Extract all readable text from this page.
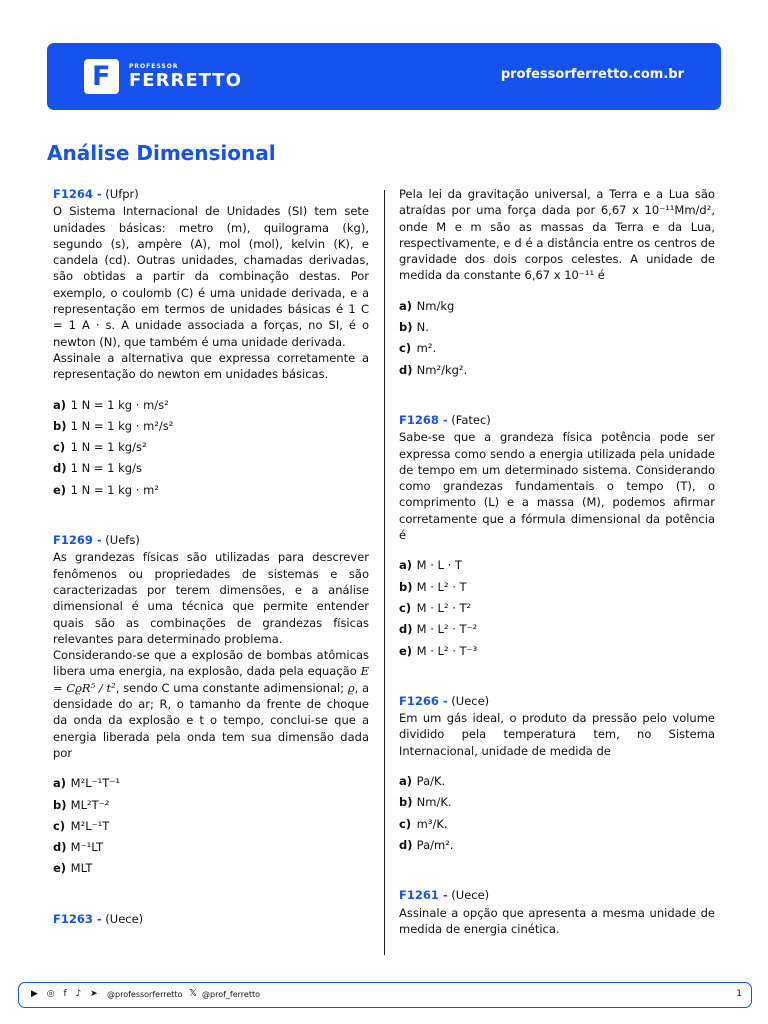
F	PROFESSOR
FERRETTO	professorferretto.com.br
Análise Dimensional
F1264 - (Ufpr)

O Sistema Internacional de Unidades (SI) tem sete unidades básicas: metro (m), quilograma (kg), segundo (s), ampère (A), mol (mol), kelvin (K), e candela (cd). Outras unidades, chamadas derivadas, são obtidas a partir da combinação destas. Por exemplo, o coulomb (C) é uma unidade derivada, e a representação em termos de unidades básicas é 1 C = 1 A · s. A unidade associada a forças, no SI, é o newton (N), que também é uma unidade derivada.

Assinale a alternativa que expressa corretamente a representação do newton em unidades básicas.

a) 1 N = 1 kg · m/s²
b) 1 N = 1 kg · m²/s²
c) 1 N = 1 kg/s²
d) 1 N = 1 kg/s
e) 1 N = 1 kg · m²
F1269 - (Uefs)

As grandezas físicas são utilizadas para descrever fenômenos ou propriedades de sistemas e são caracterizadas por terem dimensões, e a análise dimensional é uma técnica que permite entender quais são as combinações de grandezas físicas relevantes para determinado problema.

Considerando-se que a explosão de bombas atômicas libera uma energia, na explosão, dada pela equação E = CϱR⁵ / t², sendo C uma constante adimensional; ϱ, a densidade do ar; R, o tamanho da frente de choque da onda da explosão e t o tempo, conclui-se que a energia liberada pela onda tem sua dimensão dada por

a) M²L⁻¹T⁻¹
b) ML²T⁻²
c) M²L⁻¹T
d) M⁻¹LT
e) MLT
F1263 - (Uece)

Pela lei da gravitação universal, a Terra e a Lua são atraídas por uma força dada por 6,67 x 10⁻¹¹Mm/d², onde M e m são as massas da Terra e da Lua, respectivamente, e d é a distância entre os centros de gravidade dos dois corpos celestes. A unidade de medida da constante 6,67 x 10⁻¹¹ é

a) Nm/kg
b) N.
c) m².
d) Nm²/kg².
F1268 - (Fatec)

Sabe-se que a grandeza física potência pode ser expressa como sendo a energia utilizada pela unidade de tempo em um determinado sistema. Considerando como grandezas fundamentais o tempo (T), o comprimento (L) e a massa (M), podemos afirmar corretamente que a fórmula dimensional da potência é

a) M · L · T
b) M · L² · T
c) M · L² · T²
d) M · L² · T⁻²
e) M · L² · T⁻³
F1266 - (Uece)

Em um gás ideal, o produto da pressão pelo volume dividido pela temperatura tem, no Sistema Internacional, unidade de medida de

a) Pa/K.
b) Nm/K.
c) m³/K.
d) Pa/m².
F1261 - (Uece)

Assinale a opção que apresenta a mesma unidade de medida de energia cinética.

▶ ◎ f ♪ ➤ @professorferretto 𝕏 @prof_ferretto	1
